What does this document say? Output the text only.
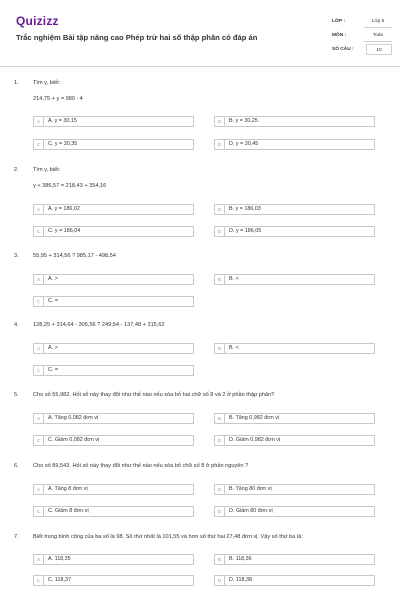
Quizizz
Trắc nghiệm Bài tập nâng cao Phép trừ hai số thập phân có đáp án
LỚP :	Lớp 5
MÔN :	Toán
SỐ CÂU :	10
1.	Tìm y, biết:
214,75 + y = 980 : 4
A	A. y = 30,15	B	B. y = 30,25
C	C. y = 30,35	D	D. y = 30,45
2.	Tìm y, biết:
y + 386,57 = 218,43 + 354,16
A	A. y = 186,02	B	B. y = 186,03
C	C. y = 186,04	D	D. y = 186,05
3.	55,95 + 314,56 ? 985,17 - 498,54
A	A. >	B	B. <
C	C. =
4.	128,25 + 314,64 - 305,56 ? 249,54 - 137,48 + 315,62
A	A. >	B	B. <
C	C. =
5.	Cho số 55,982. Hỏi số này thay đổi như thế nào nếu xóa bỏ hai chữ số 8 và 2 ở phần thập phân?
A	A. Tăng 0,082 đơn vị	B	B. Tăng 0,982 đơn vị
C	C. Giảm 0,082 đơn vị	D	D. Giảm 0,982 đơn vị
6.	Cho số 89,543. Hỏi số này thay đổi như thế nào nếu xóa bỏ chữ số 8 ở phần nguyên ?
A	A. Tăng 8 đơn vị	B	B. Tăng 80 đơn vị
C	C. Giảm 8 đơn vị	D	D. Giảm 80 đơn vị
7.	Biết trung bình cộng của ba số là 98. Số thứ nhất là 101,55 và hơn số thứ hai 27,48 đơn vị. Vậy số thứ ba là:
A	A. 118,35	B	B. 118,36
C	C. 118,37	D	D. 118,38
